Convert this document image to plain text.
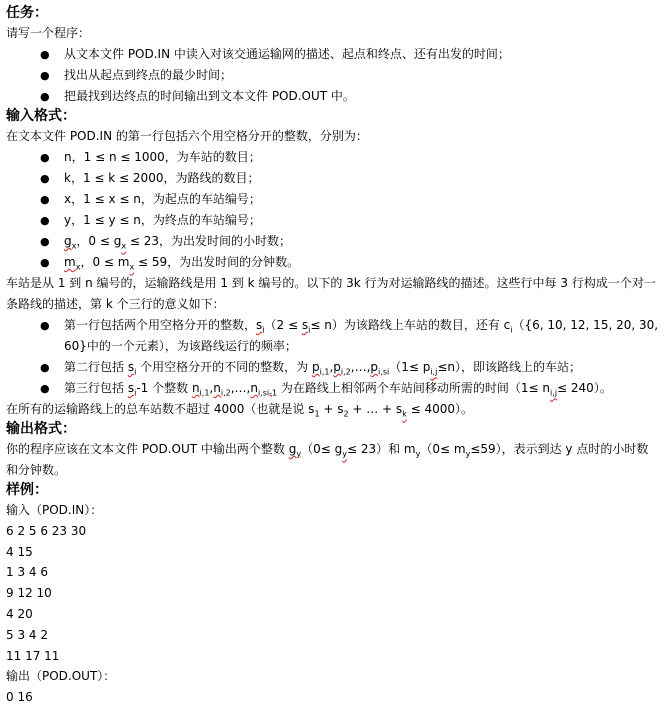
任务：
请写一个程序：
● 从文本文件 POD.IN 中读入对该交通运输网的描述、起点和终点、还有出发的时间；
● 找出从起点到终点的最少时间；
● 把最找到达终点的时间输出到文本文件 POD.OUT 中。
输入格式：
在文本文件 POD.IN 的第一行包括六个用空格分开的整数，分别为：
● n，1 ≤ n ≤ 1000，为车站的数目；
● k，1 ≤ k ≤ 2000，为路线的数目；
● x，1 ≤ x ≤ n，为起点的车站编号；
● y，1 ≤ y ≤ n，为终点的车站编号；
● $g_x$，$0 \le g_x \le 23$，为出发时间的小时数；
● $m_x$，$0 \le m_x \le 59$，为出发时间的分钟数。
车站是从 1 到 n 编号的，运输路线是用 1 到 k 编号的。以下的 3k 行为对运输路线的描述。这些行中每 3 行构成一个对一条路线的描述，第 k 个三行的意义如下：
● 第一行包括两个用空格分开的整数，$s_i(2 \le s_i\le n)$为该路线上车站的数目，还有 $c_i(\{6$, 10, 12, 15, 20, 30, 60}中的一个元素），为该路线运行的频率；
● 第二行包括 $s_i$ 个用空格分开的不同的整数，为 $p_{i,1},p_{i,2},\dots,p_{i,si}(1\le p_{i,j}\le n)$，即该路线上的车站；
● 第三行包括 $s_i-1$ 个整数 $n_{i,1},n_{i,2},\dots,n_{i,si-1}$ 为在路线上相邻两个车站间移动所需的时间$(1\le n_{i,j}\le 240)$。
在所有的运输路线上的总车站数不超过 4000（也就是说 $s_1 + s_2$ + … + $s_k \le 4000$）。
输出格式：
你的程序应该在文本文件 POD.OUT 中输出两个整数 $g_y(0\le g_y\le 23)$和 $m_y(0\le m_y\le 59)$，表示到达 y 点时的小时数和分钟数。
样例：
输入（POD.IN）：
6 2 5 6 23 30
4 15
1 3 4 6
9 12 10
4 20
5 3 4 2
11 17 11
输出（POD.OUT）：
0 16
